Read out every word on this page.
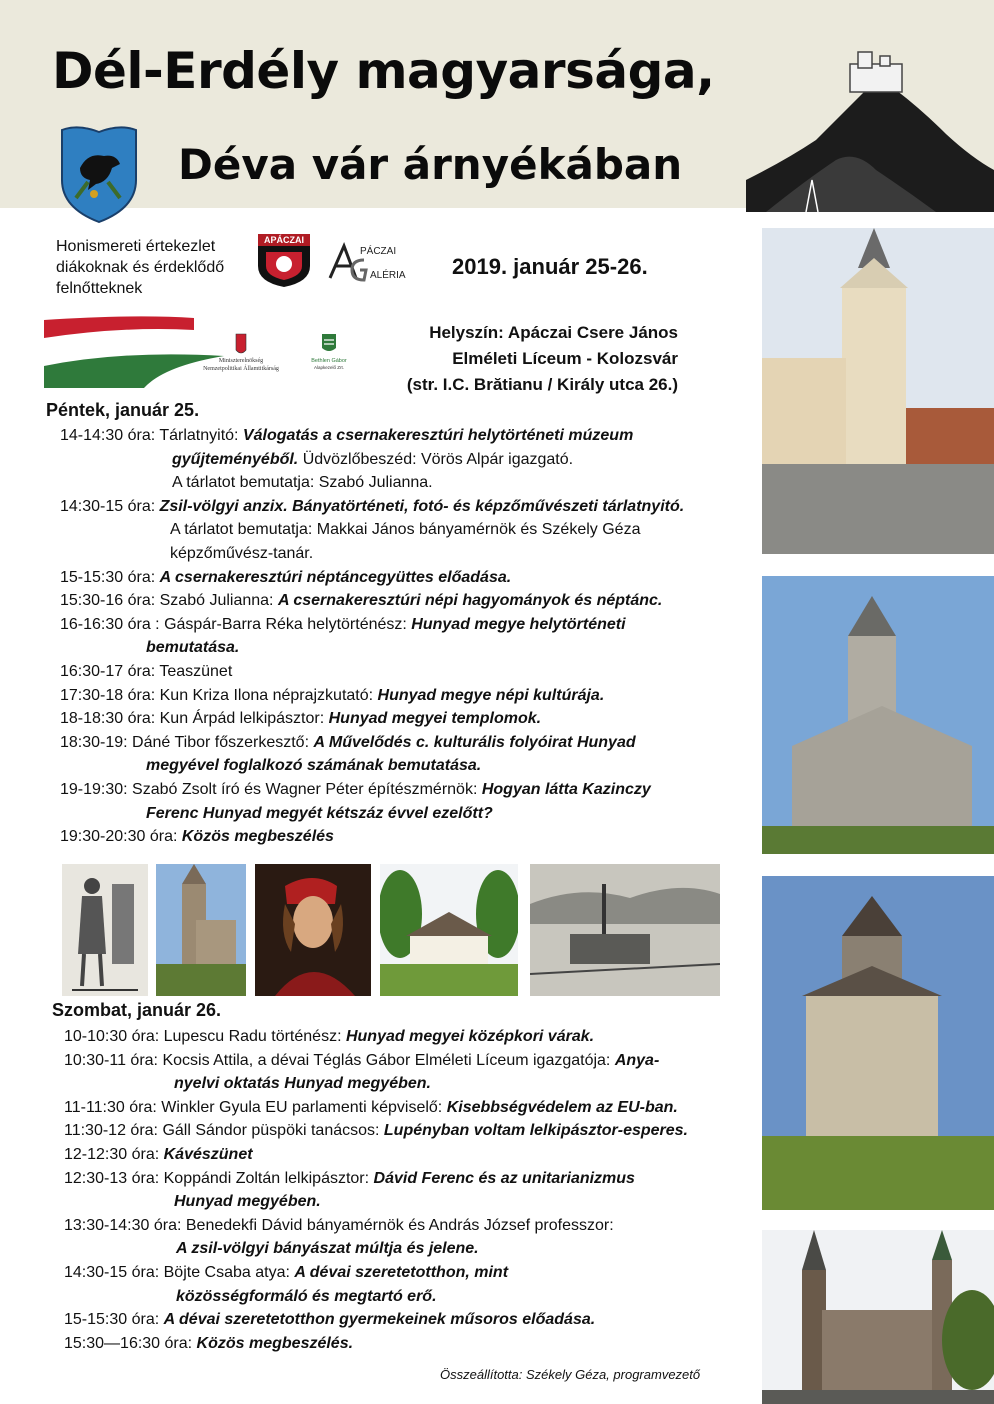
Dél-Erdély magyarsága,
Déva vár árnyékában
Honismereti értekezlet
diákoknak és érdeklődő
felnőtteknek
APÁCZAI
PÁCZAI
ALÉRIA 2019. január 25-26.
Miniszterelnökség
Nemzetpolitikai Államtitkárság
Bethlen Gábor
Alapkezelő Zrt.
Helyszín: Apáczai Csere János
Elméleti Líceum - Kolozsvár
(str. I.C. Brătianu / Király utca 26.)
Péntek, január 25.
14-14:30 óra: Tárlatnyitó: Válogatás a csernakeresztúri helytörténeti múzeum
gyűjteményéből. Üdvözlőbeszéd: Vörös Alpár igazgató.
A tárlatot bemutatja: Szabó Julianna.
14:30-15 óra: Zsil-völgyi anzix. Bányatörténeti, fotó- és képzőművészeti tárlatnyitó.
A tárlatot bemutatja: Makkai János bányamérnök és Székely Géza
képzőművész-tanár.
15-15:30 óra: A csernakeresztúri néptáncegyüttes előadása.
15:30-16 óra: Szabó Julianna: A csernakeresztúri népi hagyományok és néptánc.
16-16:30 óra : Gáspár-Barra Réka helytörténész: Hunyad megye helytörténeti
bemutatása.
16:30-17 óra: Teaszünet
17:30-18 óra: Kun Kriza Ilona néprajzkutató: Hunyad megye népi kultúrája.
18-18:30 óra: Kun Árpád lelkipásztor: Hunyad megyei templomok.
18:30-19: Dáné Tibor főszerkesztő: A Művelődés c. kulturális folyóirat Hunyad
megyével foglalkozó számának bemutatása.
19-19:30: Szabó Zsolt író és Wagner Péter építészmérnök: Hogyan látta Kazinczy
Ferenc Hunyad megyét kétszáz évvel ezelőtt?
19:30-20:30 óra: Közös megbeszélés
Szombat, január 26.
10-10:30 óra: Lupescu Radu történész: Hunyad megyei középkori várak.
10:30-11 óra: Kocsis Attila, a dévai Téglás Gábor Elméleti Líceum igazgatója: Anya-
nyelvi oktatás Hunyad megyében.
11-11:30 óra: Winkler Gyula EU parlamenti képviselő: Kisebbségvédelem az EU-ban.
11:30-12 óra: Gáll Sándor püspöki tanácsos: Lupényban voltam lelkipásztor-esperes.
12-12:30 óra: Kávészünet
12:30-13 óra: Koppándi Zoltán lelkipásztor: Dávid Ferenc és az unitarianizmus
Hunyad megyében.
13:30-14:30 óra: Benedekfi Dávid bányamérnök és András József professzor:
A zsil-völgyi bányászat múltja és jelene.
14:30-15 óra: Böjte Csaba atya: A dévai szeretetotthon, mint
közösségformáló és megtartó erő.
15-15:30 óra: A dévai szeretetotthon gyermekeinek műsoros előadása.
15:30—16:30 óra: Közös megbeszélés.
Összeállította: Székely Géza, programvezető
